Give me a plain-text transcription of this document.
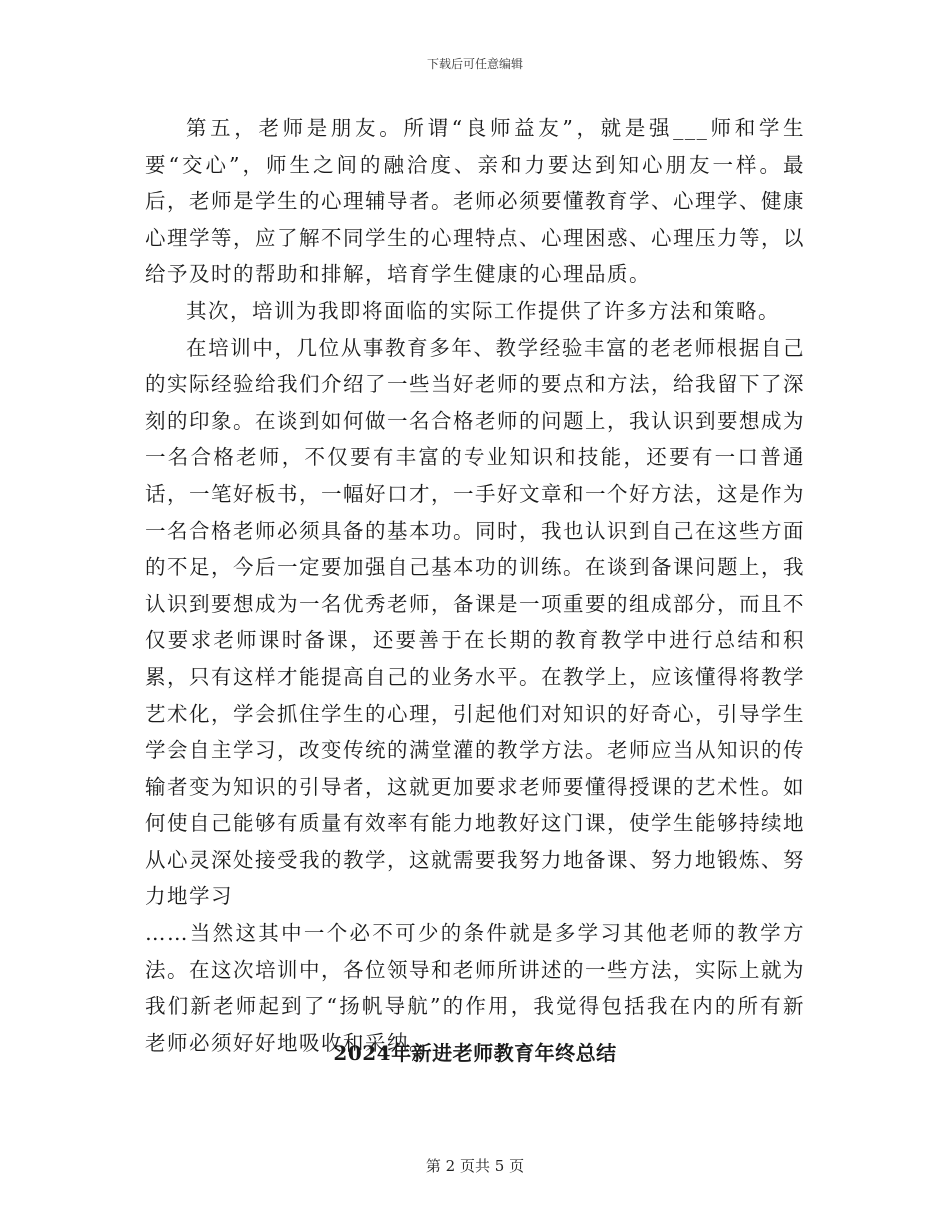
下载后可任意编辑

第五，老师是朋友。所谓“良师益友”，就是强___师和学生要“交心”，师生之间的融洽度、亲和力要达到知心朋友一样。最后，老师是学生的心理辅导者。老师必须要懂教育学、心理学、健康心理学等，应了解不同学生的心理特点、心理困惑、心理压力等，以给予及时的帮助和排解，培育学生健康的心理品质。

其次，培训为我即将面临的实际工作提供了许多方法和策略。

在培训中，几位从事教育多年、教学经验丰富的老老师根据自己的实际经验给我们介绍了一些当好老师的要点和方法，给我留下了深刻的印象。在谈到如何做一名合格老师的问题上，我认识到要想成为一名合格老师，不仅要有丰富的专业知识和技能，还要有一口普通话，一笔好板书，一幅好口才，一手好文章和一个好方法，这是作为一名合格老师必须具备的基本功。同时，我也认识到自己在这些方面的不足，今后一定要加强自己基本功的训练。在谈到备课问题上，我认识到要想成为一名优秀老师，备课是一项重要的组成部分，而且不仅要求老师课时备课，还要善于在长期的教育教学中进行总结和积累，只有这样才能提高自己的业务水平。在教学上，应该懂得将教学艺术化，学会抓住学生的心理，引起他们对知识的好奇心，引导学生学会自主学习，改变传统的满堂灌的教学方法。老师应当从知识的传输者变为知识的引导者，这就更加要求老师要懂得授课的艺术性。如何使自己能够有质量有效率有能力地教好这门课，使学生能够持续地从心灵深处接受我的教学，这就需要我努力地备课、努力地锻炼、努力地学习

……当然这其中一个必不可少的条件就是多学习其他老师的教学方法。在这次培训中，各位领导和老师所讲述的一些方法，实际上就为我们新老师起到了“扬帆导航”的作用，我觉得包括我在内的所有新老师必须好好地吸收和采纳。

2024年新进老师教育年终总结
第 2 页共 5 页
